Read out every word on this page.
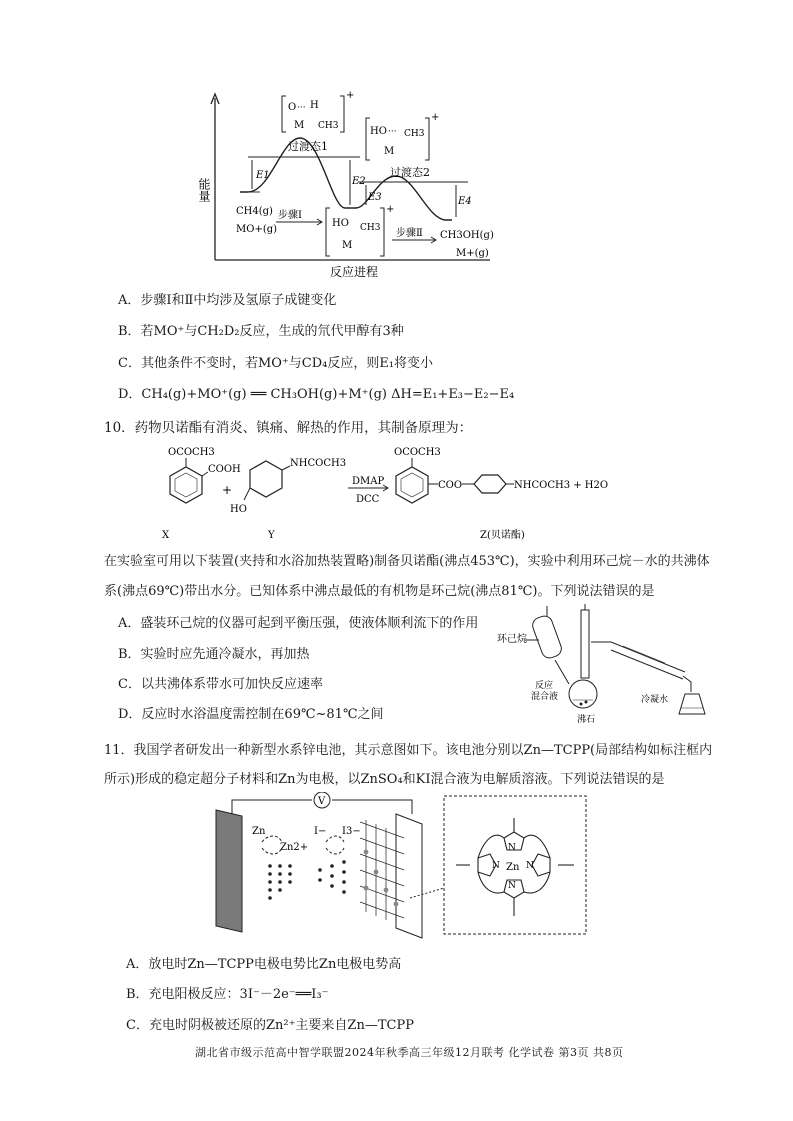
能量
反应进程
E1
E2
E3	E4
O ··· H
M CH3
+
过渡态1
HO ··· CH3
M
+
过渡态2
HO CH3
M
+
CH4(g)
MO+(g)
步骤Ⅰ
步骤Ⅱ CH3OH(g)
M+(g)
A．步骤Ⅰ和Ⅱ中均涉及氢原子成键变化
B．若MO⁺与CH₂D₂反应，生成的氘代甲醇有3种
C．其他条件不变时，若MO⁺与CD₄反应，则E₁将变小
D．CH₄(g)+MO⁺(g) ══ CH₃OH(g)+M⁺(g) ΔH=E₁+E₃−E₂−E₄
10．药物贝诺酯有消炎、镇痛、解热的作用，其制备原理为：
OCOCH3
COOH
+
NHCOCH3
HO
DMAP
DCC
OCOCH3
COO	NHCOCH3 + H2O
X	Y	Z(贝诺酯)
在实验室可用以下装置(夹持和水浴加热装置略)制备贝诺酯(沸点453℃)，实验中利用环己烷－水的共沸体
系(沸点69℃)带出水分。已知体系中沸点最低的有机物是环己烷(沸点81℃)。下列说法错误的是
A．盛装环己烷的仪器可起到平衡压强，使液体顺利流下的作用
B．实验时应先通冷凝水，再加热
C．以共沸体系带水可加快反应速率
D．反应时水浴温度需控制在69℃~81℃之间
环己烷
反应
混合液
沸石
冷凝水
11．我国学者研发出一种新型水系锌电池，其示意图如下。该电池分别以Zn—TCPP(局部结构如标注框内
所示)形成的稳定超分子材料和Zn为电极，以ZnSO₄和KI混合液为电解质溶液。下列说法错误的是
V
Zn
Zn2+
I− I3−
Zn
N
N
N	N
A．放电时Zn—TCPP电极电势比Zn电极电势高
B．充电阳极反应：3I⁻－2e⁻══I₃⁻
C．充电时阴极被还原的Zn²⁺主要来自Zn—TCPP
湖北省市级示范高中智学联盟2024年秋季高三年级12月联考 化学试卷 第3页 共8页
